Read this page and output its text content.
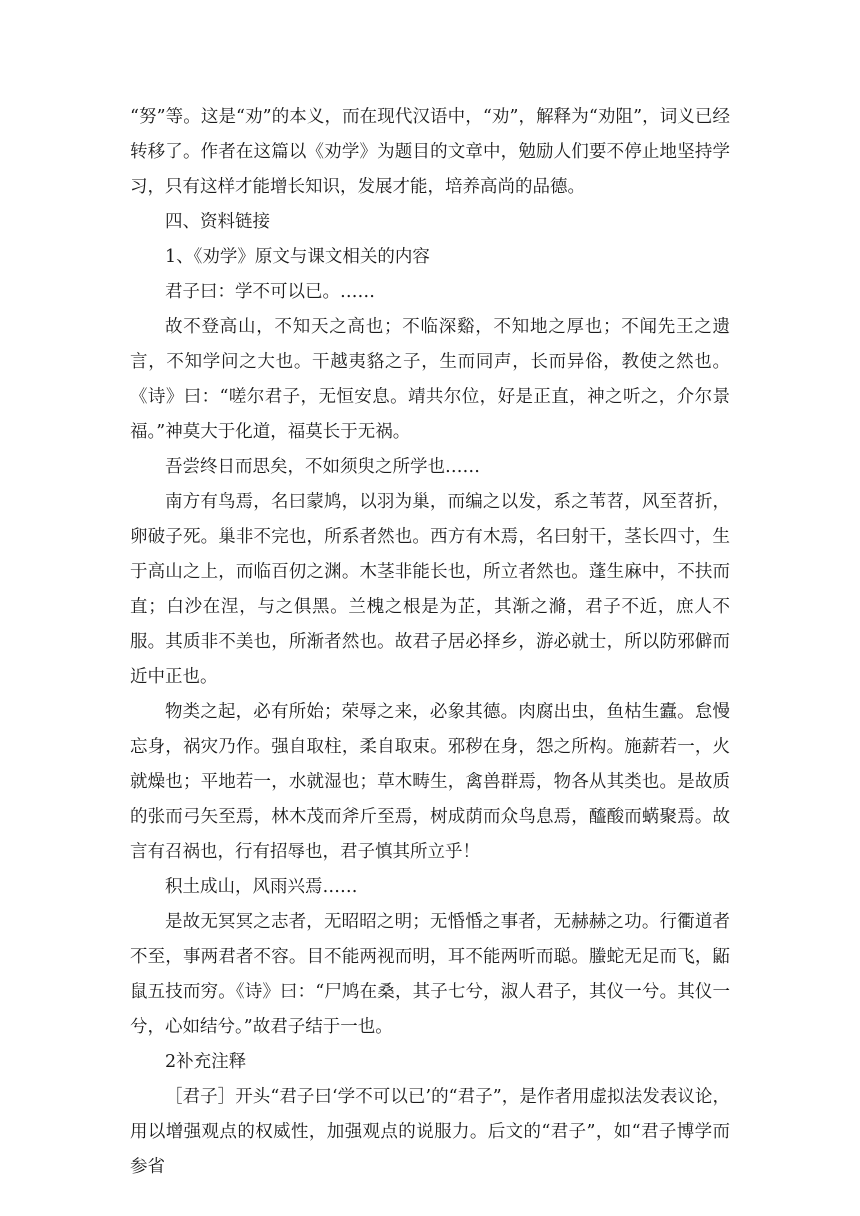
“努”等。这是“劝”的本义，而在现代汉语中，“劝”，解释为“劝阻”，词义已经转移了。作者在这篇以《劝学》为题目的文章中，勉励人们要不停止地坚持学习，只有这样才能增长知识，发展才能，培养高尚的品德。

四、资料链接

1、《劝学》原文与课文相关的内容

君子曰：学不可以已。……

故不登高山，不知天之高也；不临深谿，不知地之厚也；不闻先王之遗言，不知学问之大也。干越夷貉之子，生而同声，长而异俗，教使之然也。《诗》曰：“嗟尔君子，无恒安息。靖共尔位，好是正直，神之听之，介尔景福。”神莫大于化道，福莫长于无祸。

吾尝终日而思矣，不如须臾之所学也……

南方有鸟焉，名曰蒙鸠，以羽为巢，而编之以发，系之苇苕，风至苕折，卵破子死。巢非不完也，所系者然也。西方有木焉，名曰射干，茎长四寸，生于高山之上，而临百仞之渊。木茎非能长也，所立者然也。蓬生麻中，不扶而直；白沙在涅，与之俱黑。兰槐之根是为芷，其渐之滫，君子不近，庶人不服。其质非不美也，所渐者然也。故君子居必择乡，游必就士，所以防邪僻而近中正也。

物类之起，必有所始；荣辱之来，必象其德。肉腐出虫，鱼枯生蠹。怠慢忘身，祸灾乃作。强自取柱，柔自取束。邪秽在身，怨之所构。施薪若一，火就燥也；平地若一，水就湿也；草木畴生，禽兽群焉，物各从其类也。是故质的张而弓矢至焉，林木茂而斧斤至焉，树成荫而众鸟息焉，醯酸而蜹聚焉。故言有召祸也，行有招辱也，君子慎其所立乎！

积土成山，风雨兴焉……

是故无冥冥之志者，无昭昭之明；无惛惛之事者，无赫赫之功。行衢道者不至，事两君者不容。目不能两视而明，耳不能两听而聪。螣蛇无足而飞，鼫鼠五技而穷。《诗》曰：“尸鸠在桑，其子七兮，淑人君子，其仪一兮。其仪一兮，心如结兮。”故君子结于一也。

2补充注释

［君子］开头“君子曰‘学不可以已’的“君子”，是作者用虚拟法发表议论，用以增强观点的权威性，加强观点的说服力。后文的“君子”，如“君子博学而参省
